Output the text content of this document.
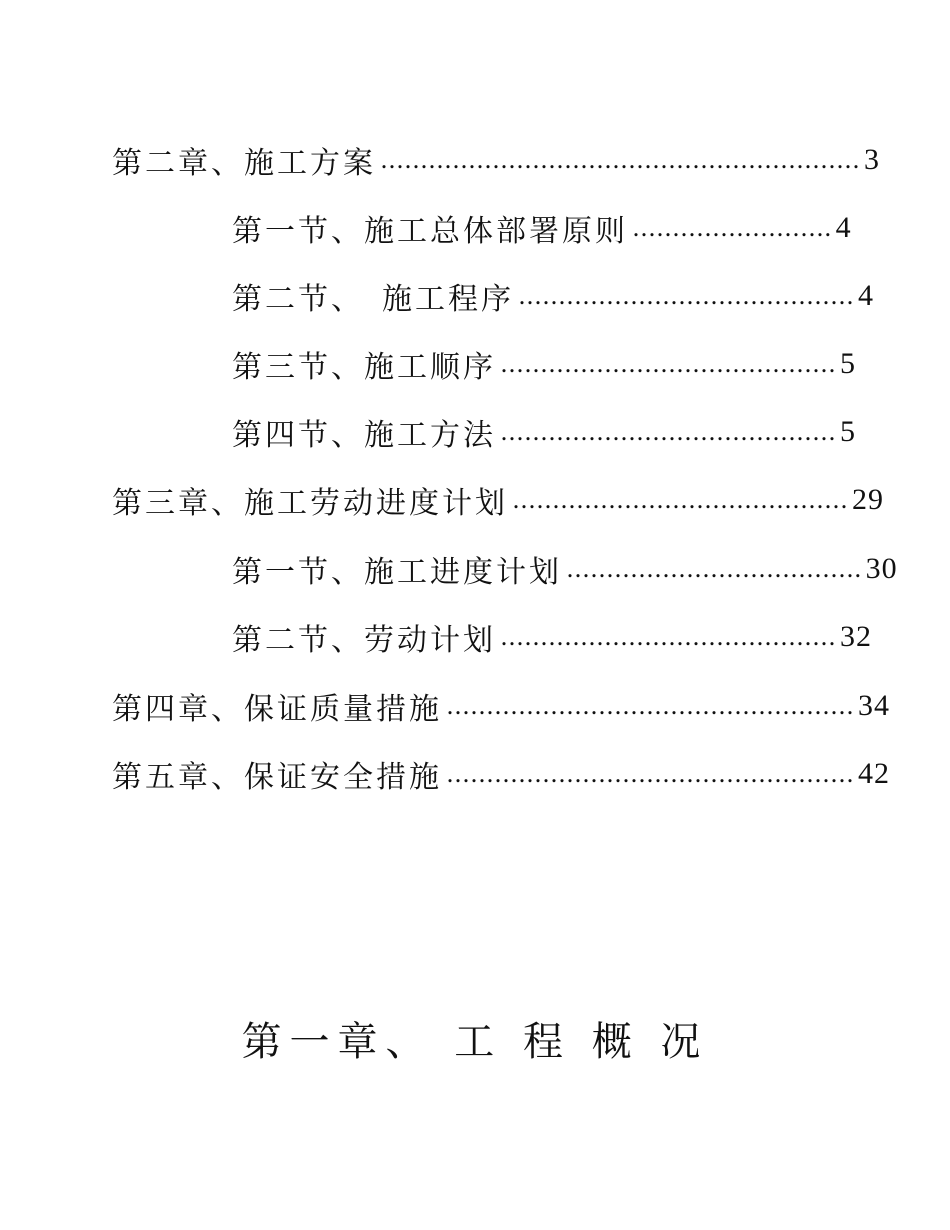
第二章、施工方案 …………………………………………………… 3
第一节、施工总体部署原则 ……………………. 4
第二节、　施工程序 …………………………………… 4
第三节、施工顺序 …………………………………… 5
第四节、施工方法 …………………………………… 5
第三章、施工劳动进度计划 …………………………………… 29
第一节、施工进度计划 ………………………………. 30
第二节、劳动计划 …………………………………… 32
第四章、保证质量措施 …………………………………………… 34
第五章、保证安全措施 …………………………………………… 42
第一章、 工 程 概 况
